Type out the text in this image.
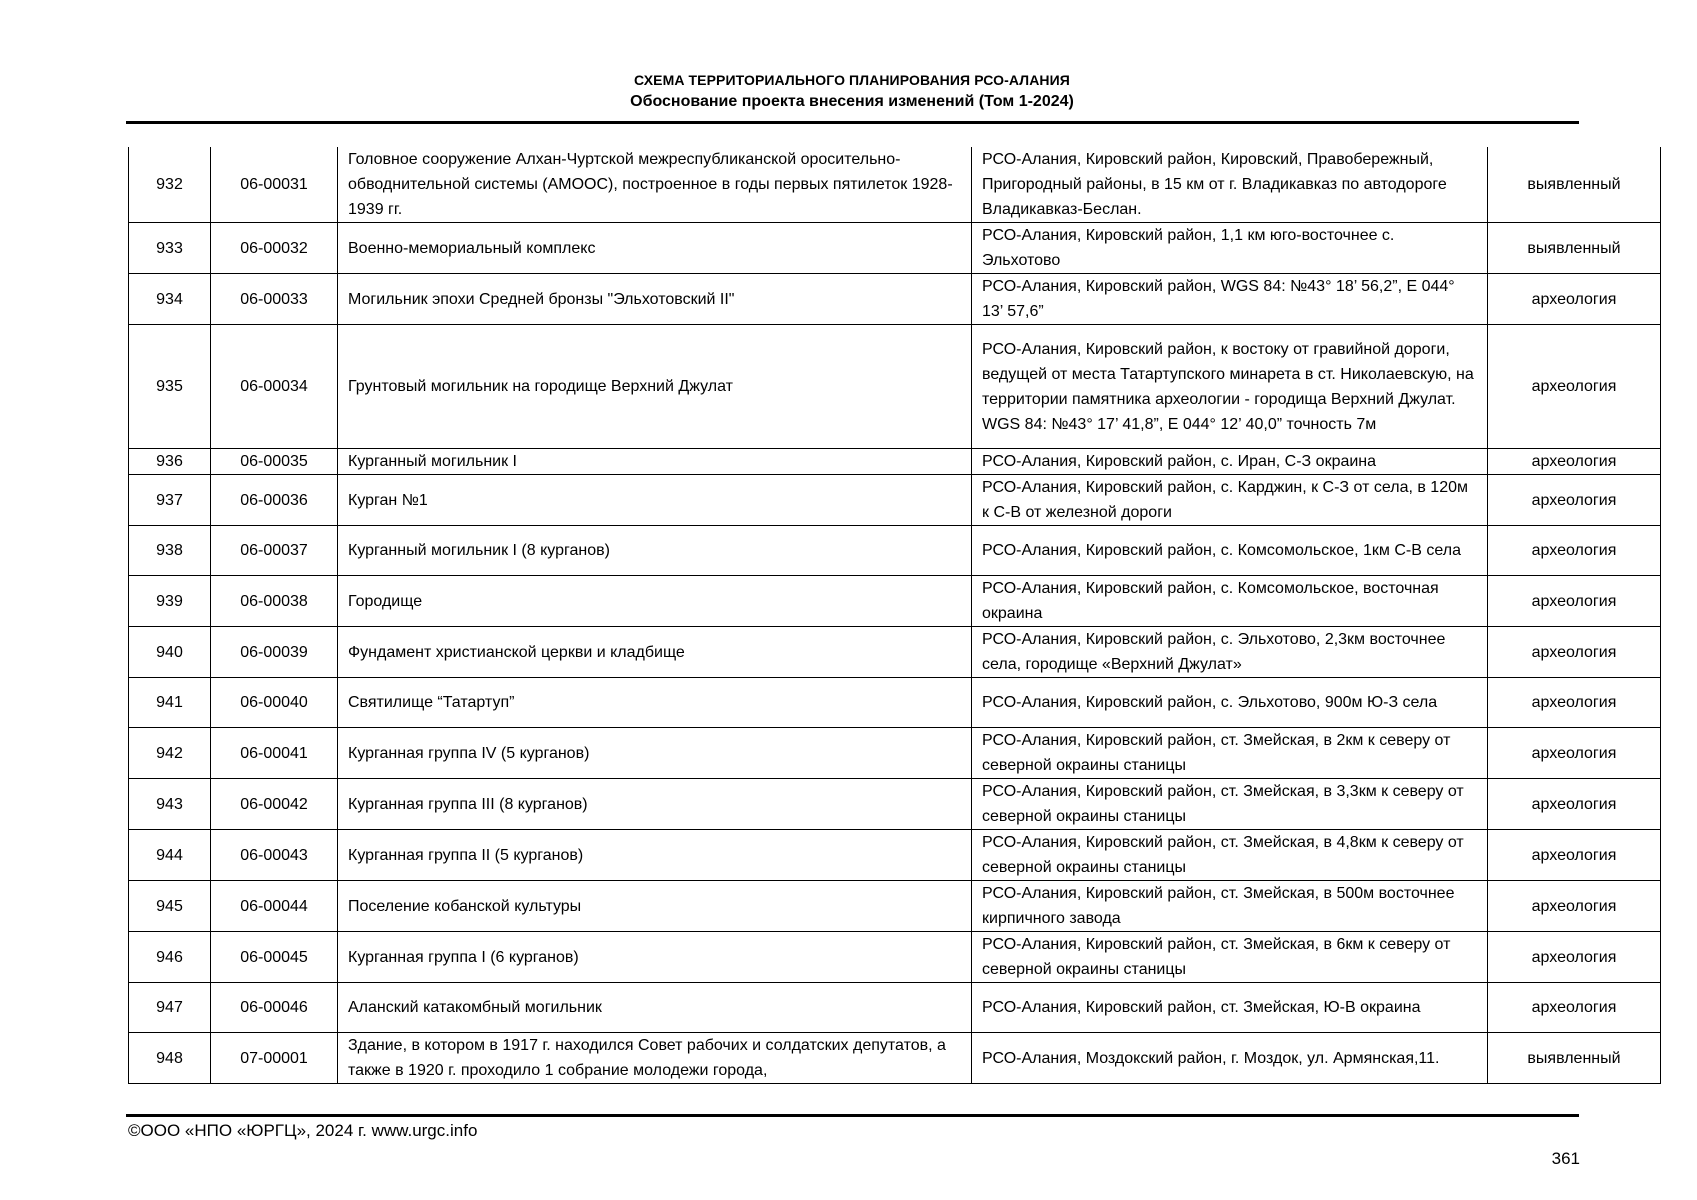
СХЕМА ТЕРРИТОРИАЛЬНОГО ПЛАНИРОВАНИЯ РСО-АЛАНИЯ
Обоснование проекта внесения изменений (Том 1-2024)
932	06-00031	Головное сооружение Алхан-Чуртской межреспубликанской оросительно-обводнительной системы (АМООС), построенное в годы первых пятилеток 1928-1939 гг.	РСО-Алания, Кировский район, Кировский, Правобережный, Пригородный районы, в 15 км от г. Владикавказ по автодороге Владикавказ-Беслан.	выявленный
933	06-00032	Военно-мемориальный комплекс	РСО-Алания, Кировский район, 1,1 км юго-восточнее с. Эльхотово	выявленный
934	06-00033	Могильник эпохи Средней бронзы "Эльхотовский II"	РСО-Алания, Кировский район, WGS 84: №43° 18’ 56,2”, Е 044° 13’ 57,6”	археология
935	06-00034	Грунтовый могильник на городище Верхний Джулат	РСО-Алания, Кировский район, к востоку от гравийной дороги, ведущей от места Татартупского минарета в ст. Николаевскую, на территории памятника археологии - городища Верхний Джулат. WGS 84: №43° 17’ 41,8”, Е 044° 12’ 40,0” точность 7м	археология
936	06-00035	Курганный могильник I	РСО-Алания, Кировский район, с. Иран, С-З окраина	археология
937	06-00036	Курган №1	РСО-Алания, Кировский район, с. Карджин, к С-З от села, в 120м к С-В от железной дороги	археология
938	06-00037	Курганный могильник I (8 курганов)	РСО-Алания, Кировский район, с. Комсомольское, 1км С-В села	археология
939	06-00038	Городище	РСО-Алания, Кировский район, с. Комсомольское, восточная окраина	археология
940	06-00039	Фундамент христианской церкви и кладбище	РСО-Алания, Кировский район, с. Эльхотово, 2,3км восточнее села, городище «Верхний Джулат»	археология
941	06-00040	Святилище “Татартуп”	РСО-Алания, Кировский район, с. Эльхотово, 900м Ю-З села	археология
942	06-00041	Курганная группа IV (5 курганов)	РСО-Алания, Кировский район, ст. Змейская, в 2км к северу от северной окраины станицы	археология
943	06-00042	Курганная группа III (8 курганов)	РСО-Алания, Кировский район, ст. Змейская, в 3,3км к северу от северной окраины станицы	археология
944	06-00043	Курганная группа II (5 курганов)	РСО-Алания, Кировский район, ст. Змейская, в 4,8км к северу от северной окраины станицы	археология
945	06-00044	Поселение кобанской культуры	РСО-Алания, Кировский район, ст. Змейская, в 500м восточнее кирпичного завода	археология
946	06-00045	Курганная группа I (6 курганов)	РСО-Алания, Кировский район, ст. Змейская, в 6км к северу от северной окраины станицы	археология
947	06-00046	Аланский катакомбный могильник	РСО-Алания, Кировский район, ст. Змейская, Ю-В окраина	археология
948	07-00001	Здание, в котором в 1917 г. находился Совет рабочих и солдатских депутатов, а также в 1920 г. проходило 1 собрание молодежи города,	РСО-Алания, Моздокский район, г. Моздок, ул. Армянская,11.	выявленный
©ООО «НПО «ЮРГЦ», 2024 г. www.urgc.info
361
